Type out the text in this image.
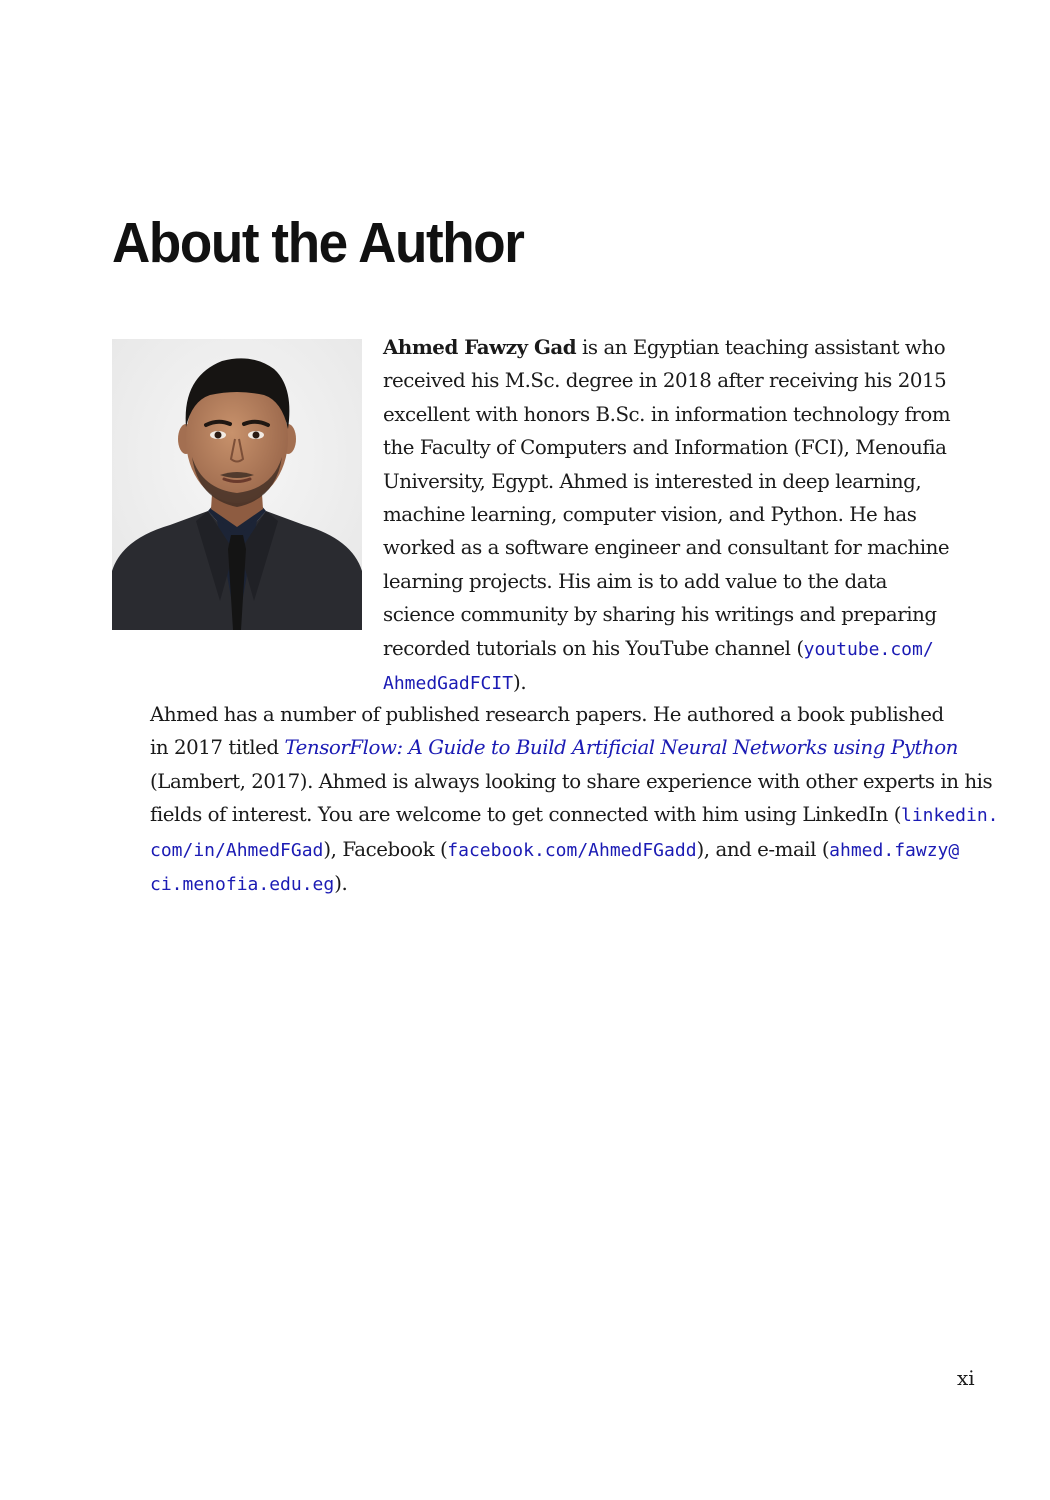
About the Author

Ahmed Fawzy Gad is an Egyptian teaching assistant who
received his M.Sc. degree in 2018 after receiving his 2015
excellent with honors B.Sc. in information technology from
the Faculty of Computers and Information (FCI), Menoufia
University, Egypt. Ahmed is interested in deep learning,
machine learning, computer vision, and Python. He has
worked as a software engineer and consultant for machine
learning projects. His aim is to add value to the data
science community by sharing his writings and preparing
recorded tutorials on his YouTube channel (youtube.com/
AhmedGadFCIT).

Ahmed has a number of published research papers. He authored a book published
in 2017 titled TensorFlow: A Guide to Build Artificial Neural Networks using Python
(Lambert, 2017). Ahmed is always looking to share experience with other experts in his
fields of interest. You are welcome to get connected with him using LinkedIn (linkedin.
com/in/AhmedFGad), Facebook (facebook.com/AhmedFGadd), and e-mail (ahmed.fawzy@
ci.menofia.edu.eg).

xi
